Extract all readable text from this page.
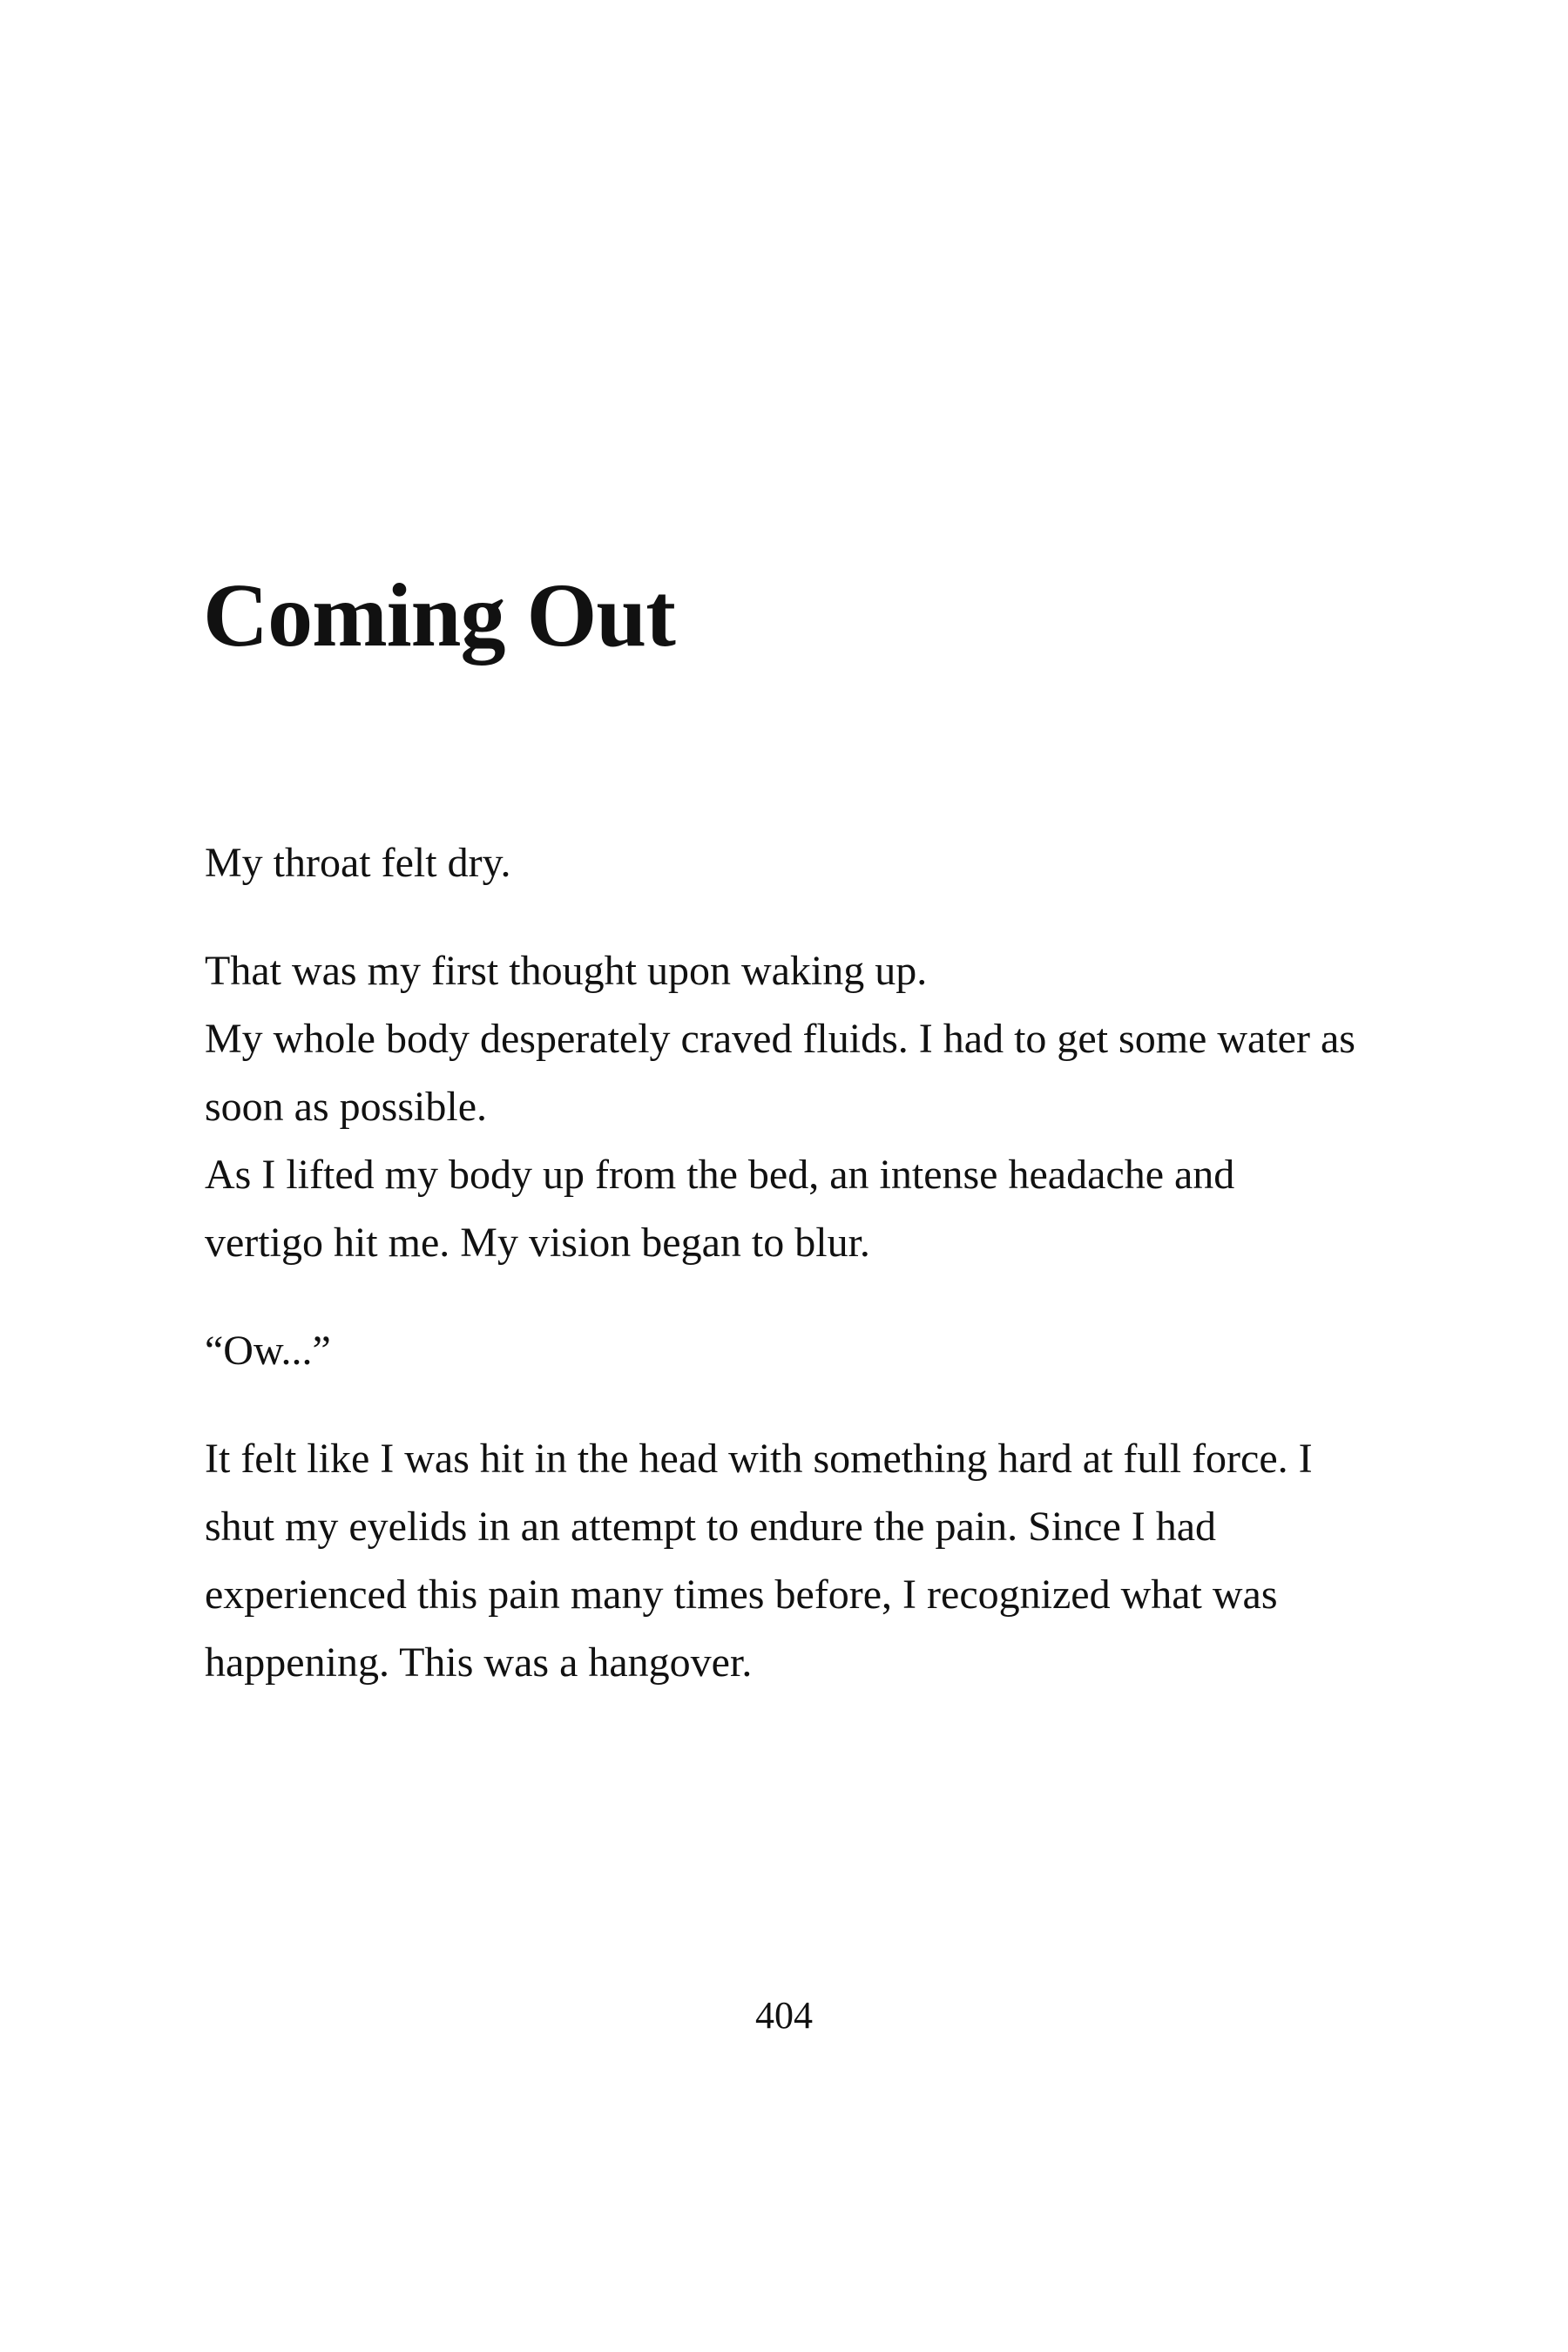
Coming Out

My throat felt dry.

That was my first thought upon waking up.

My whole body desperately craved fluids. I had to get some water as soon as possible.

As I lifted my body up from the bed, an intense headache and vertigo hit me. My vision began to blur.

“Ow...”

It felt like I was hit in the head with something hard at full force. I shut my eyelids in an attempt to endure the pain. Since I had experienced this pain many times before, I recognized what was happening. This was a hangover.

404
